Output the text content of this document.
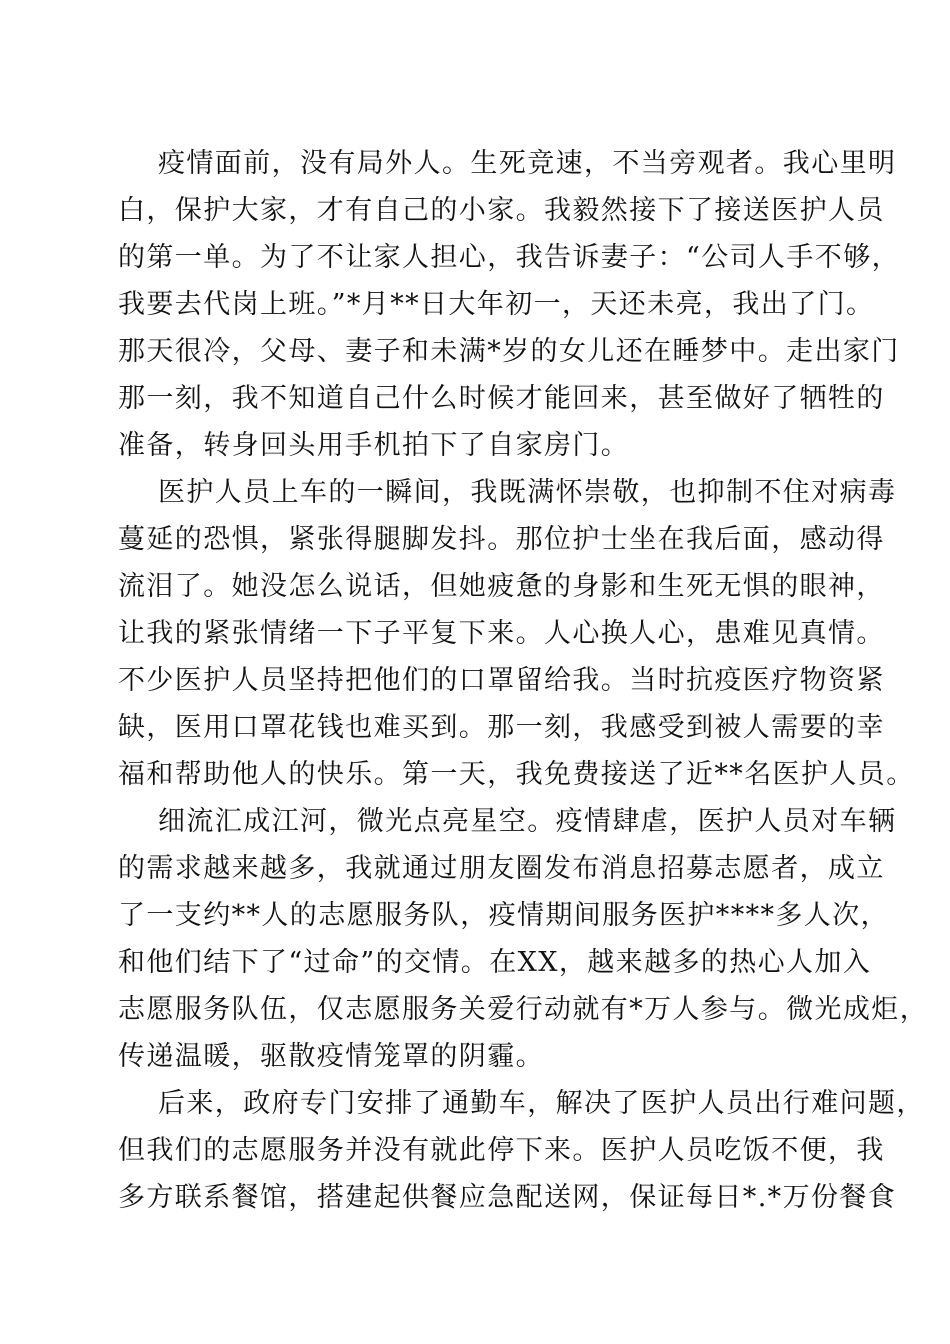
疫情面前，没有局外人。生死竞速，不当旁观者。我心里明
白，保护大家，才有自己的小家。我毅然接下了接送医护人员
的第一单。为了不让家人担心，我告诉妻子：“公司人手不够，
我要去代岗上班。”*月**日大年初一，天还未亮，我出了门。
那天很冷，父母、妻子和未满*岁的女儿还在睡梦中。走出家门
那一刻，我不知道自己什么时候才能回来，甚至做好了牺牲的
准备，转身回头用手机拍下了自家房门。
医护人员上车的一瞬间，我既满怀崇敬，也抑制不住对病毒
蔓延的恐惧，紧张得腿脚发抖。那位护士坐在我后面，感动得
流泪了。她没怎么说话，但她疲惫的身影和生死无惧的眼神，
让我的紧张情绪一下子平复下来。人心换人心，患难见真情。
不少医护人员坚持把他们的口罩留给我。当时抗疫医疗物资紧
缺，医用口罩花钱也难买到。那一刻，我感受到被人需要的幸
福和帮助他人的快乐。第一天，我免费接送了近**名医护人员。
细流汇成江河，微光点亮星空。疫情肆虐，医护人员对车辆
的需求越来越多，我就通过朋友圈发布消息招募志愿者，成立
了一支约**人的志愿服务队，疫情期间服务医护****多人次，
和他们结下了“过命”的交情。在XX，越来越多的热心人加入
志愿服务队伍，仅志愿服务关爱行动就有*万人参与。微光成炬，
传递温暖，驱散疫情笼罩的阴霾。
后来，政府专门安排了通勤车，解决了医护人员出行难问题，
但我们的志愿服务并没有就此停下来。医护人员吃饭不便，我
多方联系餐馆，搭建起供餐应急配送网，保证每日*.*万份餐食
